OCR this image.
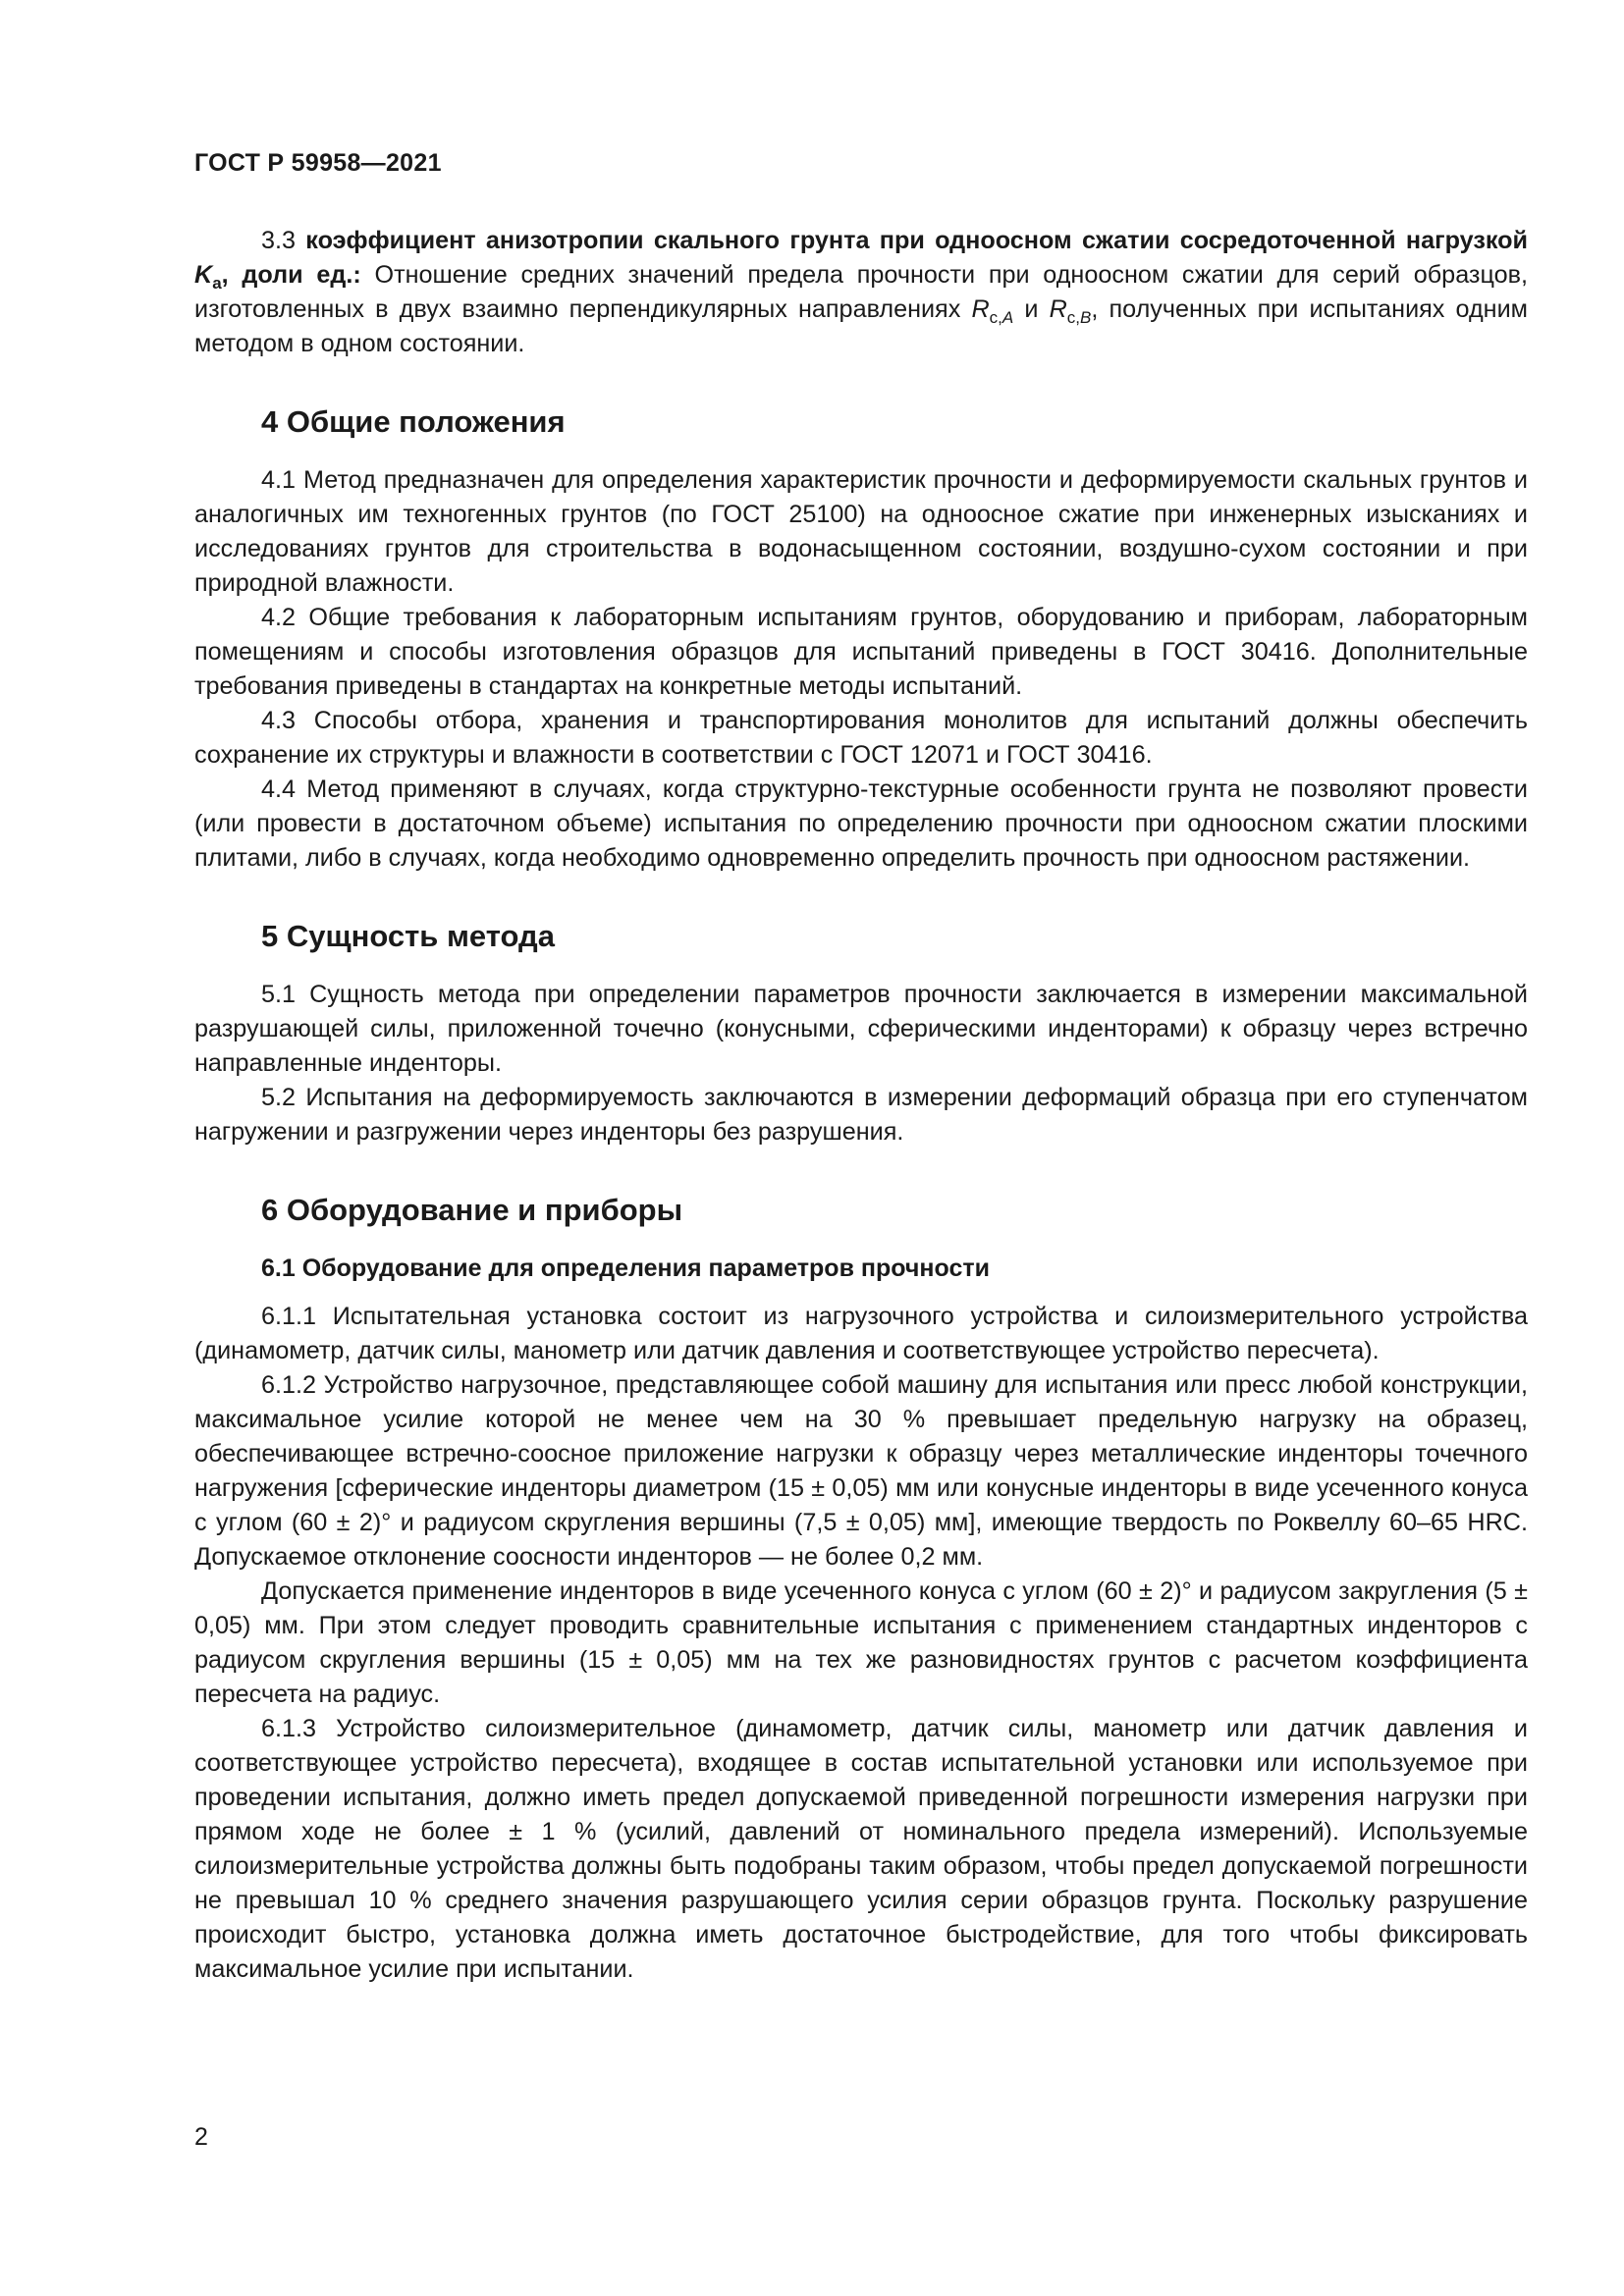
ГОСТ Р 59958—2021

3.3 коэффициент анизотропии скального грунта при одноосном сжатии сосредоточенной нагрузкой $K_a$, доли ед.: Отношение средних значений предела прочности при одноосном сжатии для серий образцов, изготовленных в двух взаимно перпендикулярных направлениях $R_{с,A}$ и $R_{с,B}$, полученных при испытаниях одним методом в одном состоянии.

4 Общие положения

4.1 Метод предназначен для определения характеристик прочности и деформируемости скальных грунтов и аналогичных им техногенных грунтов (по ГОСТ 25100) на одноосное сжатие при инженерных изысканиях и исследованиях грунтов для строительства в водонасыщенном состоянии, воздушно-сухом состоянии и при природной влажности.

4.2 Общие требования к лабораторным испытаниям грунтов, оборудованию и приборам, лабораторным помещениям и способы изготовления образцов для испытаний приведены в ГОСТ 30416. Дополнительные требования приведены в стандартах на конкретные методы испытаний.

4.3 Способы отбора, хранения и транспортирования монолитов для испытаний должны обеспечить сохранение их структуры и влажности в соответствии с ГОСТ 12071 и ГОСТ 30416.

4.4 Метод применяют в случаях, когда структурно-текстурные особенности грунта не позволяют провести (или провести в достаточном объеме) испытания по определению прочности при одноосном сжатии плоскими плитами, либо в случаях, когда необходимо одновременно определить прочность при одноосном растяжении.

5 Сущность метода

5.1 Сущность метода при определении параметров прочности заключается в измерении максимальной разрушающей силы, приложенной точечно (конусными, сферическими инденторами) к образцу через встречно направленные инденторы.

5.2 Испытания на деформируемость заключаются в измерении деформаций образца при его ступенчатом нагружении и разгружении через инденторы без разрушения.

6 Оборудование и приборы
6.1 Оборудование для определения параметров прочности

6.1.1 Испытательная установка состоит из нагрузочного устройства и силоизмерительного устройства (динамометр, датчик силы, манометр или датчик давления и соответствующее устройство пересчета).

6.1.2 Устройство нагрузочное, представляющее собой машину для испытания или пресс любой конструкции, максимальное усилие которой не менее чем на 30 % превышает предельную нагрузку на образец, обеспечивающее встречно-соосное приложение нагрузки к образцу через металлические инденторы точечного нагружения [сферические инденторы диаметром (15 ± 0,05) мм или конусные инденторы в виде усеченного конуса с углом (60 ± 2)° и радиусом скругления вершины (7,5 ± 0,05) мм], имеющие твердость по Роквеллу 60–65 HRC. Допускаемое отклонение соосности инденторов — не более 0,2 мм.

Допускается применение инденторов в виде усеченного конуса с углом (60 ± 2)° и радиусом закругления (5 ± 0,05) мм. При этом следует проводить сравнительные испытания с применением стандартных инденторов с радиусом скругления вершины (15 ± 0,05) мм на тех же разновидностях грунтов с расчетом коэффициента пересчета на радиус.

6.1.3 Устройство силоизмерительное (динамометр, датчик силы, манометр или датчик давления и соответствующее устройство пересчета), входящее в состав испытательной установки или используемое при проведении испытания, должно иметь предел допускаемой приведенной погрешности измерения нагрузки при прямом ходе не более ± 1 % (усилий, давлений от номинального предела измерений). Используемые силоизмерительные устройства должны быть подобраны таким образом, чтобы предел допускаемой погрешности не превышал 10 % среднего значения разрушающего усилия серии образцов грунта. Поскольку разрушение происходит быстро, установка должна иметь достаточное быстродействие, для того чтобы фиксировать максимальное усилие при испытании.

2
